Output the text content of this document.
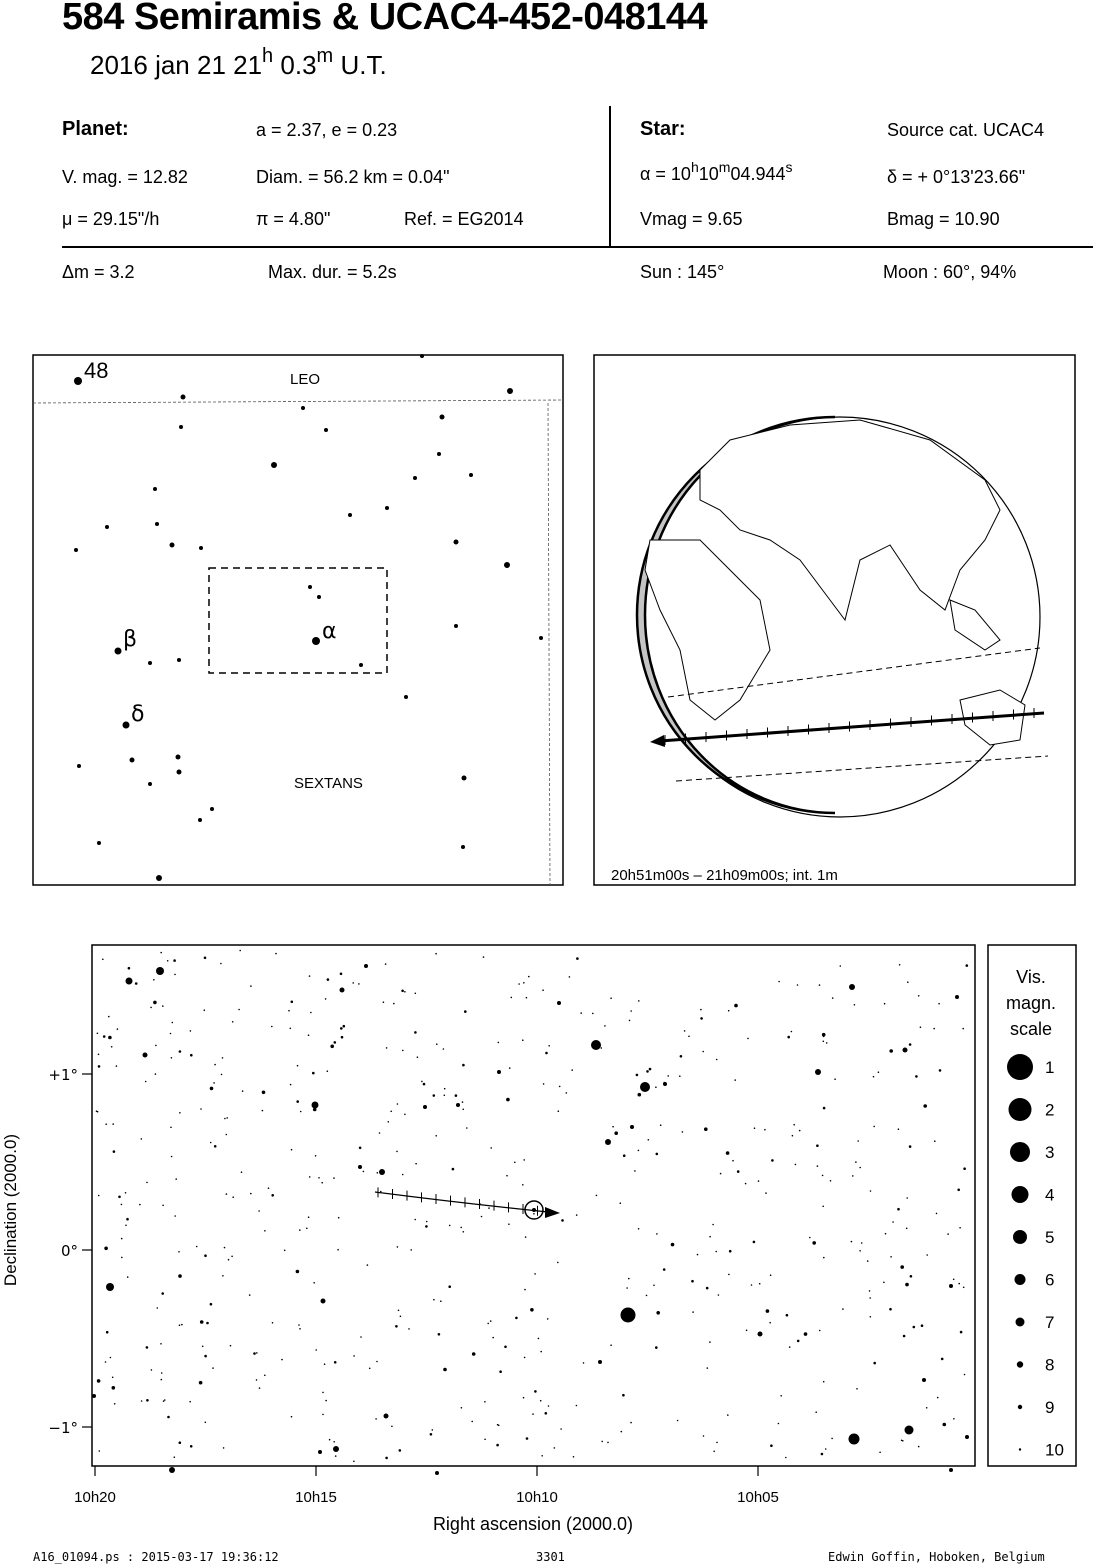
584 Semiramis & UCAC4-452-048144
2016 jan 21 21$^h$ 0.3$^m$ U.T.
Planet:	a = 2.37, e = 0.23
V. mag. = 12.82	Diam. = 56.2 km = 0.04"
μ = 29.15"/h	π = 4.80"	Ref. = EG2014
Star:	Source cat. UCAC4
$\alpha = 10^h10^m04.944^s$	δ = + 0°13'23.66"
Vmag = 9.65	Bmag = 10.90
Δm = 3.2	Max. dur. = 5.2s	Sun : 145°	Moon : 60°, 94%
LEO
SEXTANS
48
α
β
δ
20h51m00s – 21h09m00s; int. 1m
10h20	10h15	10h10	10h05
+1°
0°
−1°
Right ascension (2000.0)
Declination (2000.0)
Vis.
magn.
scale
1
2
3
4
5
6
7
8
9
10
A16_01094.ps : 2015-03-17 19:36:12	3301	Edwin Goffin, Hoboken, Belgium
